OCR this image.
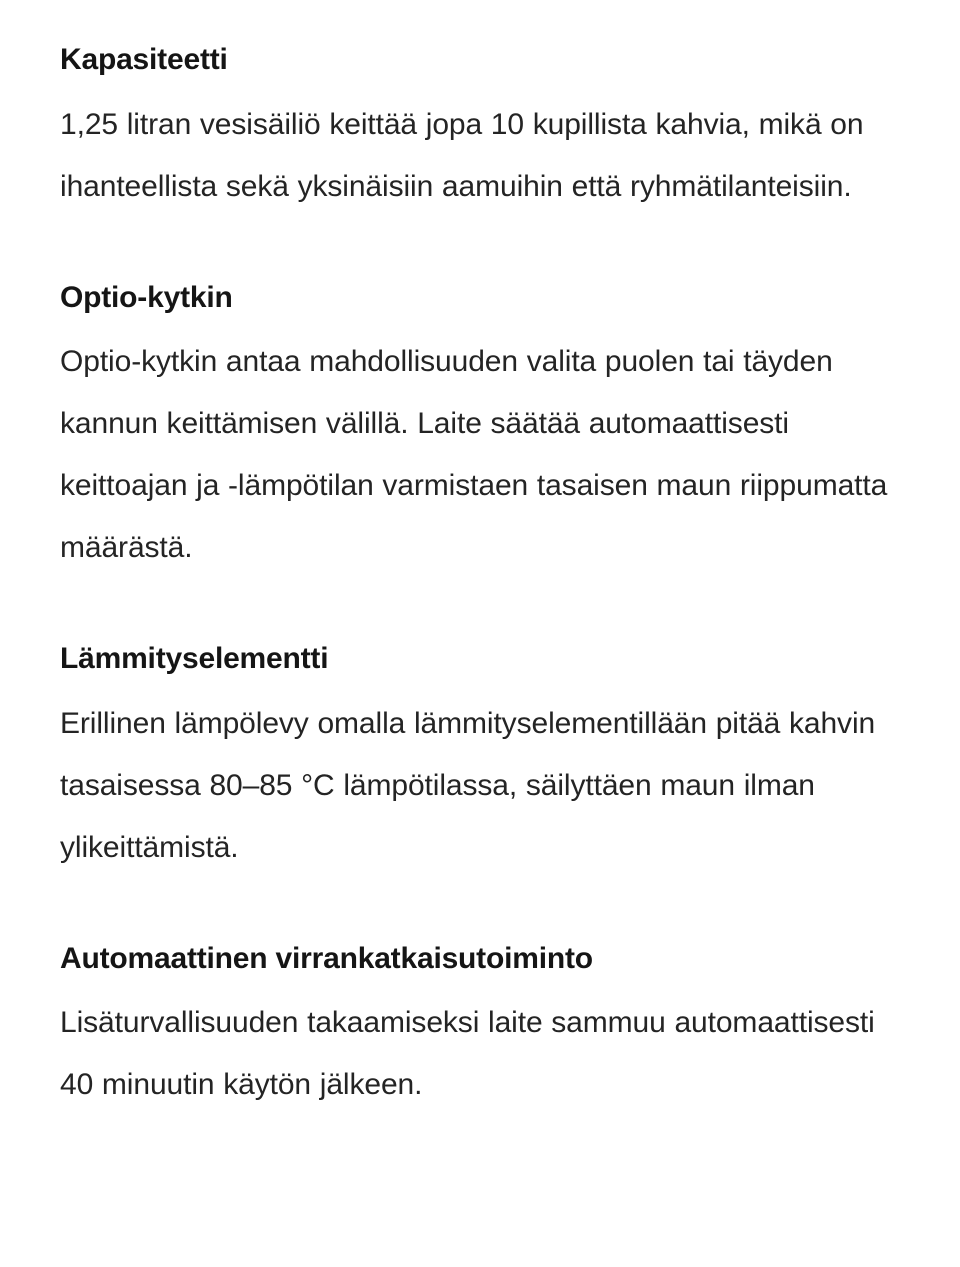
Kapasiteetti

1,25 litran vesisäiliö keittää jopa 10 kupillista kahvia, mikä on ihanteellista sekä yksinäisiin aamuihin että ryhmätilanteisiin.

Optio-kytkin

Optio-kytkin antaa mahdollisuuden valita puolen tai täyden kannun keittämisen välillä. Laite säätää automaattisesti keittoajan ja -lämpötilan varmistaen tasaisen maun riippumatta määrästä.

Lämmityselementti

Erillinen lämpölevy omalla lämmityselementillään pitää kahvin tasaisessa 80–85 °C lämpötilassa, säilyttäen maun ilman ylikeittämistä.

Automaattinen virrankatkaisutoiminto

Lisäturvallisuuden takaamiseksi laite sammuu automaattisesti 40 minuutin käytön jälkeen.
